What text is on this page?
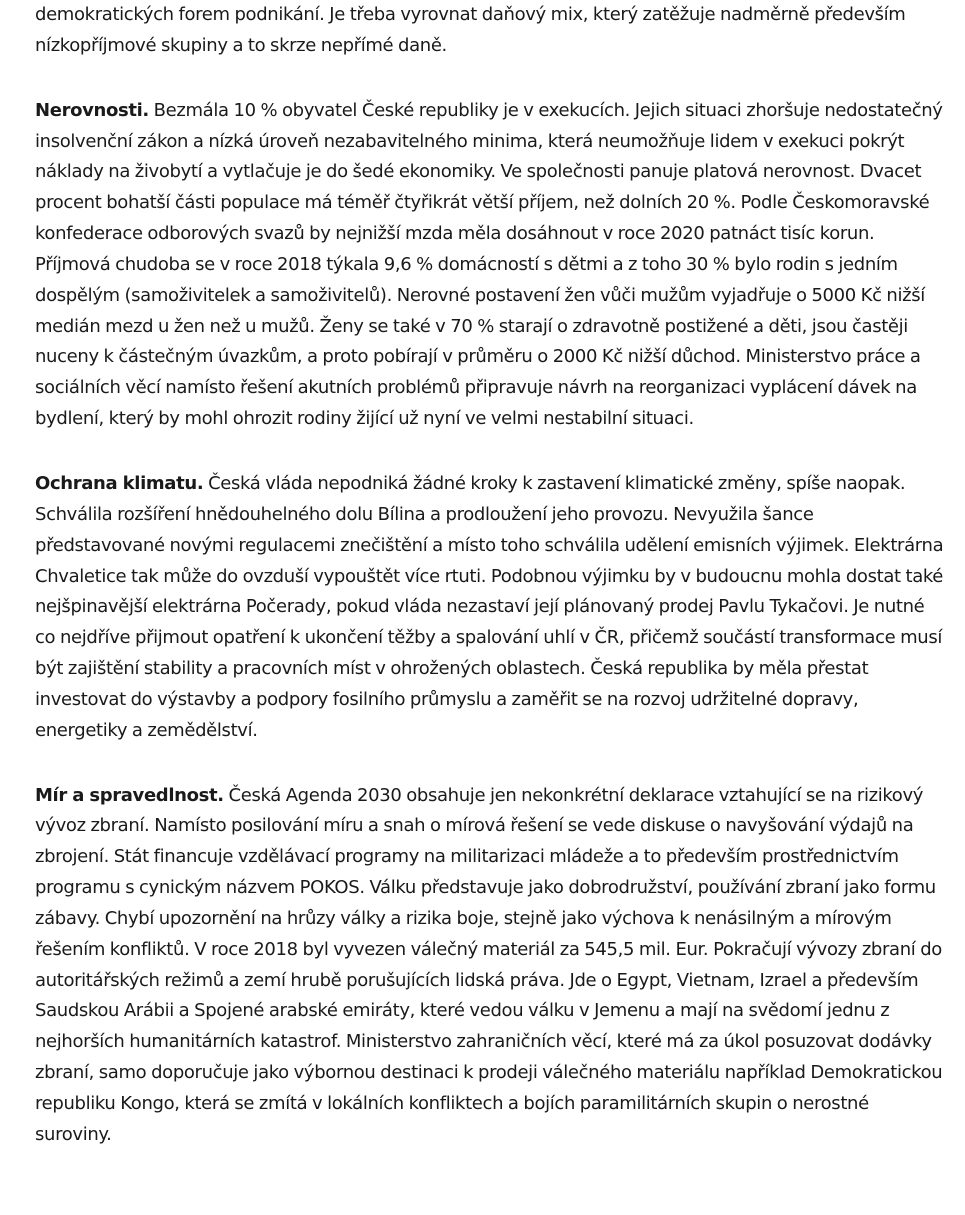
demokratických forem podnikání. Je třeba vyrovnat daňový mix, který zatěžuje nadměrně především nízkopříjmové skupiny a to skrze nepřímé daně.

Nerovnosti. Bezmála 10 % obyvatel České republiky je v exekucích. Jejich situaci zhoršuje nedostatečný insolvenční zákon a nízká úroveň nezabavitelného minima, která neumožňuje lidem v exekuci pokrýt náklady na živobytí a vytlačuje je do šedé ekonomiky. Ve společnosti panuje platová nerovnost. Dvacet procent bohatší části populace má téměř čtyřikrát větší příjem, než dolních 20 %. Podle Českomoravské konfederace odborových svazů by nejnižší mzda měla dosáhnout v roce 2020 patnáct tisíc korun. Příjmová chudoba se v roce 2018 týkala 9,6 % domácností s dětmi a z toho 30 % bylo rodin s jedním dospělým (samoživitelek a samoživitelů). Nerovné postavení žen vůči mužům vyjadřuje o 5000 Kč nižší medián mezd u žen než u mužů. Ženy se také v 70 % starají o zdravotně postižené a děti, jsou častěji nuceny k částečným úvazkům, a proto pobírají v průměru o 2000 Kč nižší důchod. Ministerstvo práce a sociálních věcí namísto řešení akutních problémů připravuje návrh na reorganizaci vyplácení dávek na bydlení, který by mohl ohrozit rodiny žijící už nyní ve velmi nestabilní situaci.

Ochrana klimatu. Česká vláda nepodniká žádné kroky k zastavení klimatické změny, spíše naopak. Schválila rozšíření hnědouhelného dolu Bílina a prodloužení jeho provozu. Nevyužila šance představované novými regulacemi znečištění a místo toho schválila udělení emisních výjimek. Elektrárna Chvaletice tak může do ovzduší vypouštět více rtuti. Podobnou výjimku by v budoucnu mohla dostat také nejšpinavější elektrárna Počerady, pokud vláda nezastaví její plánovaný prodej Pavlu Tykačovi. Je nutné co nejdříve přijmout opatření k ukončení těžby a spalování uhlí v ČR, přičemž součástí transformace musí být zajištění stability a pracovních míst v ohrožených oblastech. Česká republika by měla přestat investovat do výstavby a podpory fosilního průmyslu a zaměřit se na rozvoj udržitelné dopravy, energetiky a zemědělství.

Mír a spravedlnost. Česká Agenda 2030 obsahuje jen nekonkrétní deklarace vztahující se na rizikový vývoz zbraní. Namísto posilování míru a snah o mírová řešení se vede diskuse o navyšování výdajů na zbrojení. Stát financuje vzdělávací programy na militarizaci mládeže a to především prostřednictvím programu s cynickým názvem POKOS. Válku představuje jako dobrodružství, používání zbraní jako formu zábavy. Chybí upozornění na hrůzy války a rizika boje, stejně jako výchova k nenásilným a mírovým řešením konfliktů. V roce 2018 byl vyvezen válečný materiál za 545,5 mil. Eur. Pokračují vývozy zbraní do autoritářských režimů a zemí hrubě porušujících lidská práva. Jde o Egypt, Vietnam, Izrael a především Saudskou Arábii a Spojené arabské emiráty, které vedou válku v Jemenu a mají na svědomí jednu z nejhorších humanitárních katastrof. Ministerstvo zahraničních věcí, které má za úkol posuzovat dodávky zbraní, samo doporučuje jako výbornou destinaci k prodeji válečného materiálu například Demokratickou republiku Kongo, která se zmítá v lokálních konfliktech a bojích paramilitárních skupin o nerostné suroviny.
